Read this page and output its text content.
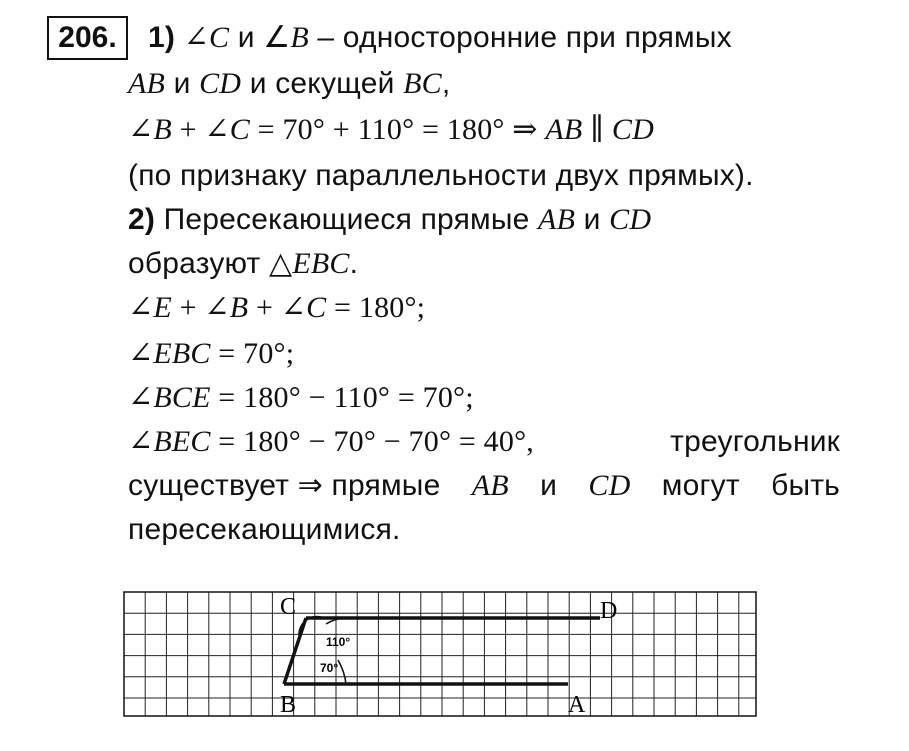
206.	1) ∠C и ∠B – односторонние при прямых
AB и CD и секущей BC,
∠B + ∠C = 70° + 110° = 180° ⇒ AB ∥ CD
(по признаку параллельности двух прямых).
2) Пересекающиеся прямые AB и CD
образуют △EBC.
∠E + ∠B + ∠C = 180°;
∠EBC = 70°;
∠BCE = 180° − 110° = 70°;
∠BEC = 180° − 70° − 70° = 40°,	треугольник
существует ⇒ прямые AB и CD могут быть
пересекающимися.
C	D
B	A
110°
70°
